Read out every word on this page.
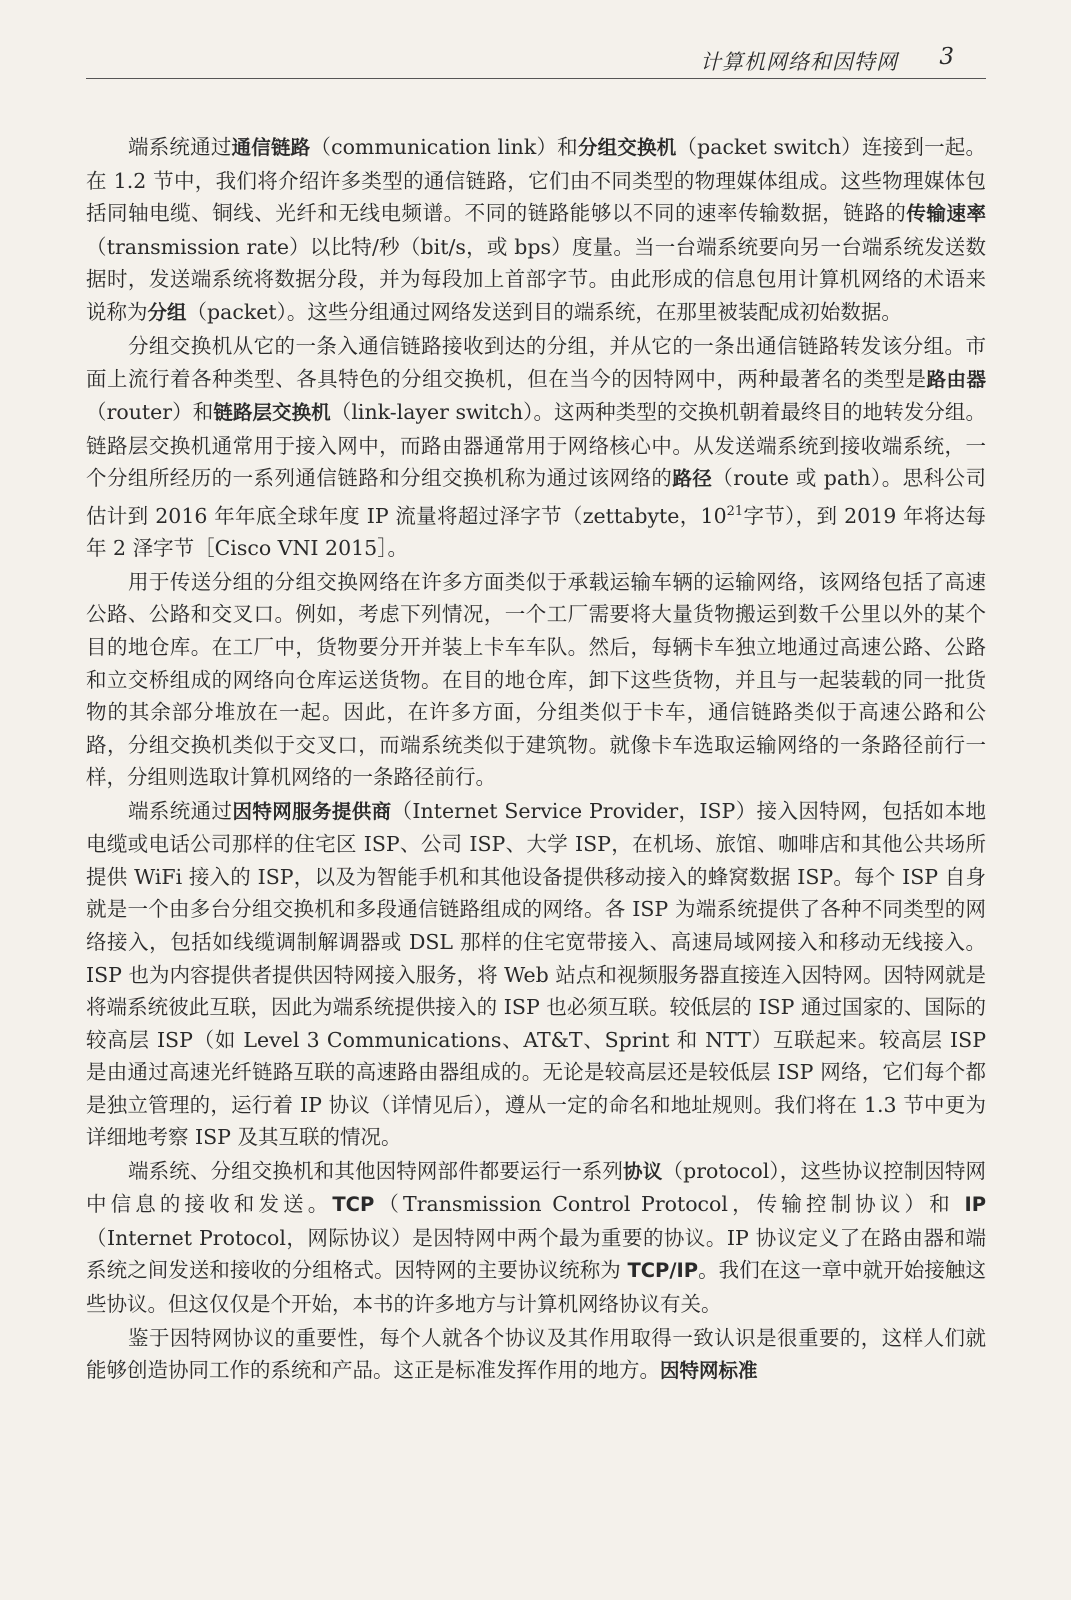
计算机网络和因特网 3

端系统通过通信链路（communication link）和分组交换机（packet switch）连接到一起。在 1.2 节中，我们将介绍许多类型的通信链路，它们由不同类型的物理媒体组成。这些物理媒体包括同轴电缆、铜线、光纤和无线电频谱。不同的链路能够以不同的速率传输数据，链路的传输速率（transmission rate）以比特/秒（bit/s，或 bps）度量。当一台端系统要向另一台端系统发送数据时，发送端系统将数据分段，并为每段加上首部字节。由此形成的信息包用计算机网络的术语来说称为分组（packet）。这些分组通过网络发送到目的端系统，在那里被装配成初始数据。

分组交换机从它的一条入通信链路接收到达的分组，并从它的一条出通信链路转发该分组。市面上流行着各种类型、各具特色的分组交换机，但在当今的因特网中，两种最著名的类型是路由器（router）和链路层交换机（link-layer switch）。这两种类型的交换机朝着最终目的地转发分组。链路层交换机通常用于接入网中，而路由器通常用于网络核心中。从发送端系统到接收端系统，一个分组所经历的一系列通信链路和分组交换机称为通过该网络的路径（route 或 path）。思科公司估计到 2016 年年底全球年度 IP 流量将超过泽字节（zettabyte，$10^{21}$字节），到 2019 年将达每年 2 泽字节［Cisco VNI 2015］。

用于传送分组的分组交换网络在许多方面类似于承载运输车辆的运输网络，该网络包括了高速公路、公路和交叉口。例如，考虑下列情况，一个工厂需要将大量货物搬运到数千公里以外的某个目的地仓库。在工厂中，货物要分开并装上卡车车队。然后，每辆卡车独立地通过高速公路、公路和立交桥组成的网络向仓库运送货物。在目的地仓库，卸下这些货物，并且与一起装载的同一批货物的其余部分堆放在一起。因此，在许多方面，分组类似于卡车，通信链路类似于高速公路和公路，分组交换机类似于交叉口，而端系统类似于建筑物。就像卡车选取运输网络的一条路径前行一样，分组则选取计算机网络的一条路径前行。

端系统通过因特网服务提供商（Internet Service Provider，ISP）接入因特网，包括如本地电缆或电话公司那样的住宅区 ISP、公司 ISP、大学 ISP，在机场、旅馆、咖啡店和其他公共场所提供 WiFi 接入的 ISP，以及为智能手机和其他设备提供移动接入的蜂窝数据 ISP。每个 ISP 自身就是一个由多台分组交换机和多段通信链路组成的网络。各 ISP 为端系统提供了各种不同类型的网络接入，包括如线缆调制解调器或 DSL 那样的住宅宽带接入、高速局域网接入和移动无线接入。ISP 也为内容提供者提供因特网接入服务，将 Web 站点和视频服务器直接连入因特网。因特网就是将端系统彼此互联，因此为端系统提供接入的 ISP 也必须互联。较低层的 ISP 通过国家的、国际的较高层 ISP（如 Level 3 Communications、AT&T、Sprint 和 NTT）互联起来。较高层 ISP 是由通过高速光纤链路互联的高速路由器组成的。无论是较高层还是较低层 ISP 网络，它们每个都是独立管理的，运行着 IP 协议（详情见后），遵从一定的命名和地址规则。我们将在 1.3 节中更为详细地考察 ISP 及其互联的情况。

端系统、分组交换机和其他因特网部件都要运行一系列协议（protocol），这些协议控制因特网中信息的接收和发送。TCP（Transmission Control Protocol，传输控制协议）和 IP（Internet Protocol，网际协议）是因特网中两个最为重要的协议。IP 协议定义了在路由器和端系统之间发送和接收的分组格式。因特网的主要协议统称为 TCP/IP。我们在这一章中就开始接触这些协议。但这仅仅是个开始，本书的许多地方与计算机网络协议有关。

鉴于因特网协议的重要性，每个人就各个协议及其作用取得一致认识是很重要的，这样人们就能够创造协同工作的系统和产品。这正是标准发挥作用的地方。因特网标准
